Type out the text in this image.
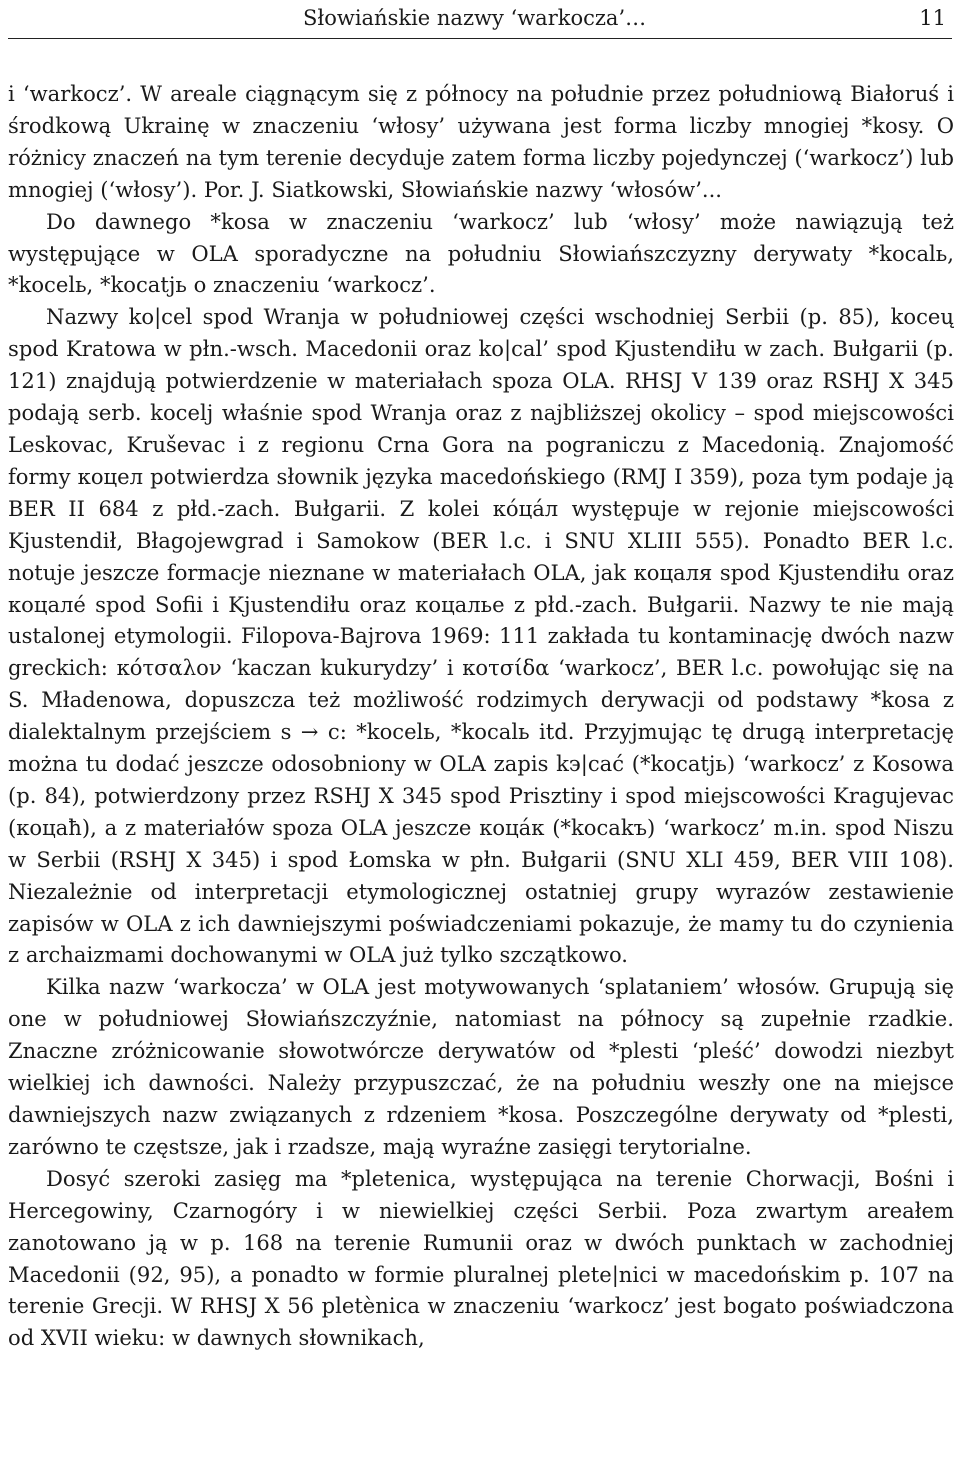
Słowiańskie nazwy ‘warkocza’…	11

i ‘warkocz’. W areale ciągnącym się z północy na południe przez południową Białoruś i środkową Ukrainę w znaczeniu ‘włosy’ używana jest forma liczby mnogiej *kosy. O różnicy znaczeń na tym terenie decyduje zatem forma liczby pojedynczej (‘warkocz’) lub mnogiej (‘włosy’). Por. J. Siatkowski, Słowiańskie nazwy ‘włosów’...

Do dawnego *kosa w znaczeniu ‘warkocz’ lub ‘włosy’ może nawiązują też występujące w OLA sporadyczne na południu Słowiańszczyzny derywaty *kocalь, *kocelь, *kocatjь o znaczeniu ‘warkocz’.

Nazwy ko|cel spod Wranja w południowej części wschodniej Serbii (p. 85), koceų spod Kratowa w płn.-wsch. Macedonii oraz ko|cal’ spod Kjustendiłu w zach. Bułgarii (p. 121) znajdują potwierdzenie w materiałach spoza OLA. RHSJ V 139 oraz RSHJ X 345 podają serb. kocelj właśnie spod Wranja oraz z najbliższej okolicy – spod miejscowości Leskovac, Kruševac i z regionu Crna Gora na pograniczu z Macedonią. Znajomość formy коцел potwierdza słownik języka macedońskiego (RMJ I 359), poza tym podaje ją BER II 684 z płd.-zach. Bułgarii. Z kolei ко́ца́л występuje w rejonie miejscowości Kjustendił, Błagojewgrad i Samokow (BER l.c. i SNU XLIII 555). Ponadto BER l.c. notuje jeszcze formacje nieznane w materiałach OLA, jak коцаля spod Kjustendiłu oraz коцалé spod Sofii i Kjustendiłu oraz коцалье z płd.-zach. Bułgarii. Nazwy te nie mają ustalonej etymologii. Filopova-Bajrova 1969: 111 zakłada tu kontaminację dwóch nazw greckich: κότσαλον ‘kaczan kukurydzy’ i κοτσίδα ‘warkocz’, BER l.c. powołując się na S. Mładenowa, dopuszcza też możliwość rodzimych derywacji od podstawy *kosa z dialektalnym przejściem s → c: *kocelь, *kocalь itd. Przyjmując tę drugą interpretację można tu dodać jeszcze odosobniony w OLA zapis kэ|cać (*kocatjь) ‘warkocz’ z Kosowa (p. 84), potwierdzony przez RSHJ X 345 spod Prisztiny i spod miejscowości Kragujevac (коцаħ), a z materiałów spoza OLA jeszcze коца́к (*kocakъ) ‘warkocz’ m.in. spod Niszu w Serbii (RSHJ X 345) i spod Łomska w płn. Bułgarii (SNU XLI 459, BER VIII 108). Niezależnie od interpretacji etymologicznej ostatniej grupy wyrazów zestawienie zapisów w OLA z ich dawniejszymi poświadczeniami pokazuje, że mamy tu do czynienia z archaizmami dochowanymi w OLA już tylko szczątkowo.

Kilka nazw ‘warkocza’ w OLA jest motywowanych ‘splataniem’ włosów. Grupują się one w południowej Słowiańszczyźnie, natomiast na północy są zupełnie rzadkie. Znaczne zróżnicowanie słowotwórcze derywatów od *plesti ‘pleść’ dowodzi niezbyt wielkiej ich dawności. Należy przypuszczać, że na południu weszły one na miejsce dawniejszych nazw związanych z rdzeniem *kosa. Poszczególne derywaty od *plesti, zarówno te częstsze, jak i rzadsze, mają wyraźne zasięgi terytorialne.

Dosyć szeroki zasięg ma *pletenica, występująca na terenie Chorwacji, Bośni i Hercegowiny, Czarnogóry i w niewielkiej części Serbii. Poza zwartym areałem zanotowano ją w p. 168 na terenie Rumunii oraz w dwóch punktach w zachodniej Macedonii (92, 95), a ponadto w formie pluralnej plete|nici w macedońskim p. 107 na terenie Grecji. W RHSJ X 56 pletènica w znaczeniu ‘warkocz’ jest bogato poświadczona od XVII wieku: w dawnych słownikach,
